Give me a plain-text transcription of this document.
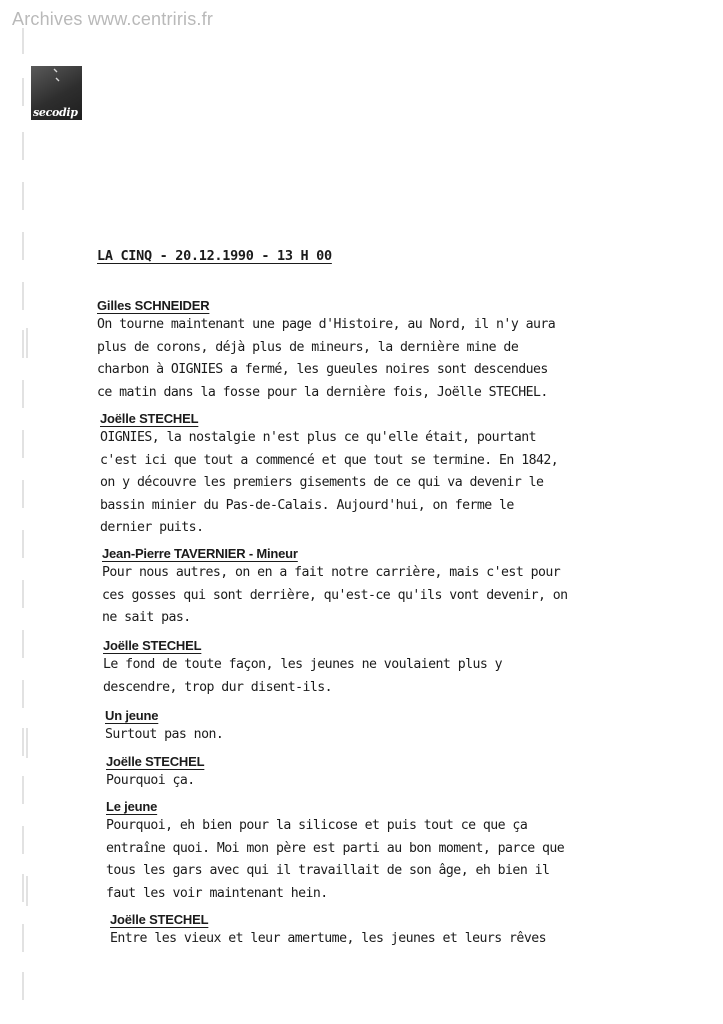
Archives www.centriris.fr
secodip
LA CINQ - 20.12.1990 - 13 H 00
Gilles SCHNEIDER
On tourne maintenant une page d'Histoire, au Nord, il n'y aura
plus de corons, déjà plus de mineurs, la dernière mine de
charbon à OIGNIES a fermé, les gueules noires sont descendues
ce matin dans la fosse pour la dernière fois, Joëlle STECHEL.
Joëlle STECHEL
OIGNIES, la nostalgie n'est plus ce qu'elle était, pourtant
c'est ici que tout a commencé et que tout se termine. En 1842,
on y découvre les premiers gisements de ce qui va devenir le
bassin minier du Pas-de-Calais. Aujourd'hui, on ferme le
dernier puits.
Jean-Pierre TAVERNIER - Mineur
Pour nous autres, on en a fait notre carrière, mais c'est pour
ces gosses qui sont derrière, qu'est-ce qu'ils vont devenir, on
ne sait pas.
Joëlle STECHEL
Le fond de toute façon, les jeunes ne voulaient plus y
descendre, trop dur disent-ils.
Un jeune
Surtout pas non.
Joëlle STECHEL
Pourquoi ça.
Le jeune
Pourquoi, eh bien pour la silicose et puis tout ce que ça
entraîne quoi. Moi mon père est parti au bon moment, parce que
tous les gars avec qui il travaillait de son âge, eh bien il
faut les voir maintenant hein.
Joëlle STECHEL
Entre les vieux et leur amertume, les jeunes et leurs rêves
